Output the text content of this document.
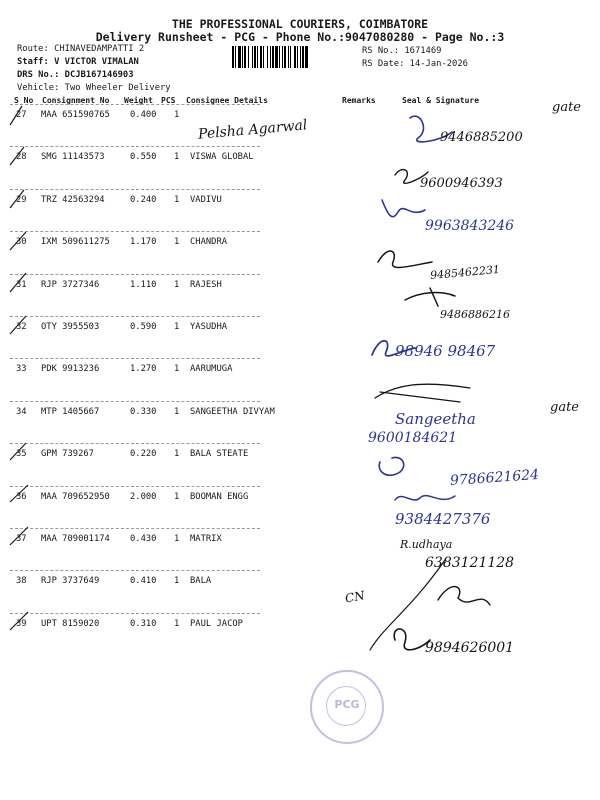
THE PROFESSIONAL COURIERS, COIMBATORE
Delivery Runsheet - PCG - Phone No.:9047080280 - Page No.:3
Route: CHINAVEDAMPATTI 2
Staff: V VICTOR VIMALAN
DRS No.: DCJB167146903
Vehicle: Two Wheeler Delivery
RS No.: 1671469
RS Date: 14-Jan-2026
S No Consignment No Weight PCS Consignee Details	Remarks	Seal & Signature
27 MAA 651590765 0.400 1
28 SMG 11143573	0.550 1 VISWA GLOBAL
29 TRZ 42563294	0.240 1 VADIVU
30 IXM 509611275 1.170 1 CHANDRA
31 RJP 3727346	1.110 1 RAJESH
32 OTY 3955503	0.590 1 YASUDHA
33 PDK 9913236	1.270 1 AARUMUGA
34 MTP 1405667	0.330 1 SANGEETHA DIVYAM
35 GPM 739267	0.220 1 BALA STEATE
36 MAA 709652950 2.000 1 BOOMAN ENGG
37 MAA 709001174 0.430 1 MATRIX
38 RJP 3737649	0.410 1 BALA
39 UPT 8159020	0.310 1 PAUL JACOP
Pelsha Agarwal	9446885200
gate
9600946393
9963843246
9485462231
9486886216
98946 98467
Sangeetha
gate
9600184621
9786621624
9384427376
R.udhaya
6383121128
CN
9894626001
PCG
